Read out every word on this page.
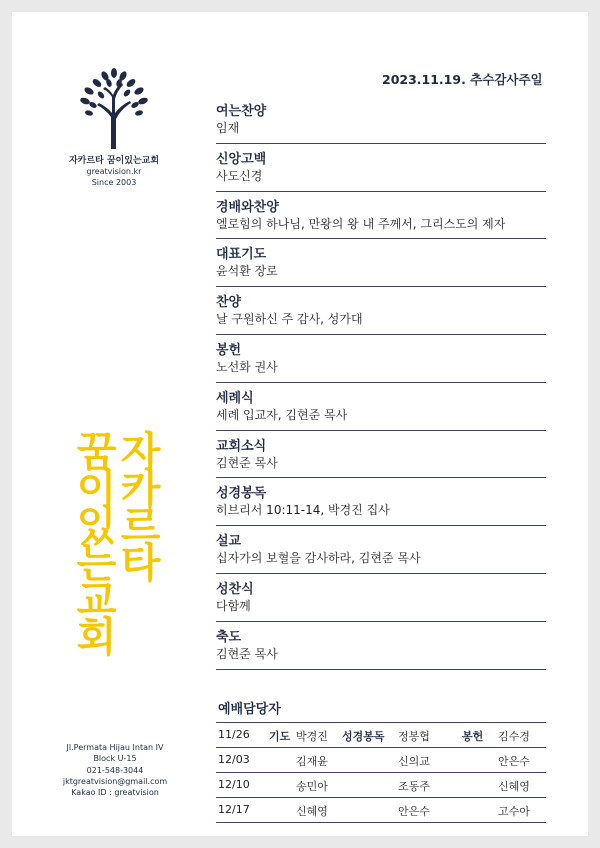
2023.11.19. 추수감사주일
자카르타 꿈이있는교회
greatvision.kr
Since 2003
자카르타
꿈이있는교회
Jl.Permata Hijau Intan IV
Block U-15
021-548-3044
jktgreatvision@gmail.com
Kakao ID : greatvision
여는찬양
임재
신앙고백
사도신경
경배와찬양
엘로힘의 하나님, 만왕의 왕 내 주께서, 그리스도의 제자
대표기도
윤석환 장로
찬양
날 구원하신 주 감사, 성가대
봉헌
노선화 권사
세례식
세례 입교자, 김현준 목사
교회소식
김현준 목사
성경봉독
히브리서 10:11-14, 박경진 집사
설교
십자가의 보혈을 감사하라, 김현준 목사
성찬식
다함께
축도
김현준 목사
예배담당자
11/26 기도 박경진 성경봉독 정봉협	봉헌 김수경
12/03	김재윤	신의교	안은수
12/10	송민아	조동주	신혜영
12/17	신혜영	안은수	고수아
